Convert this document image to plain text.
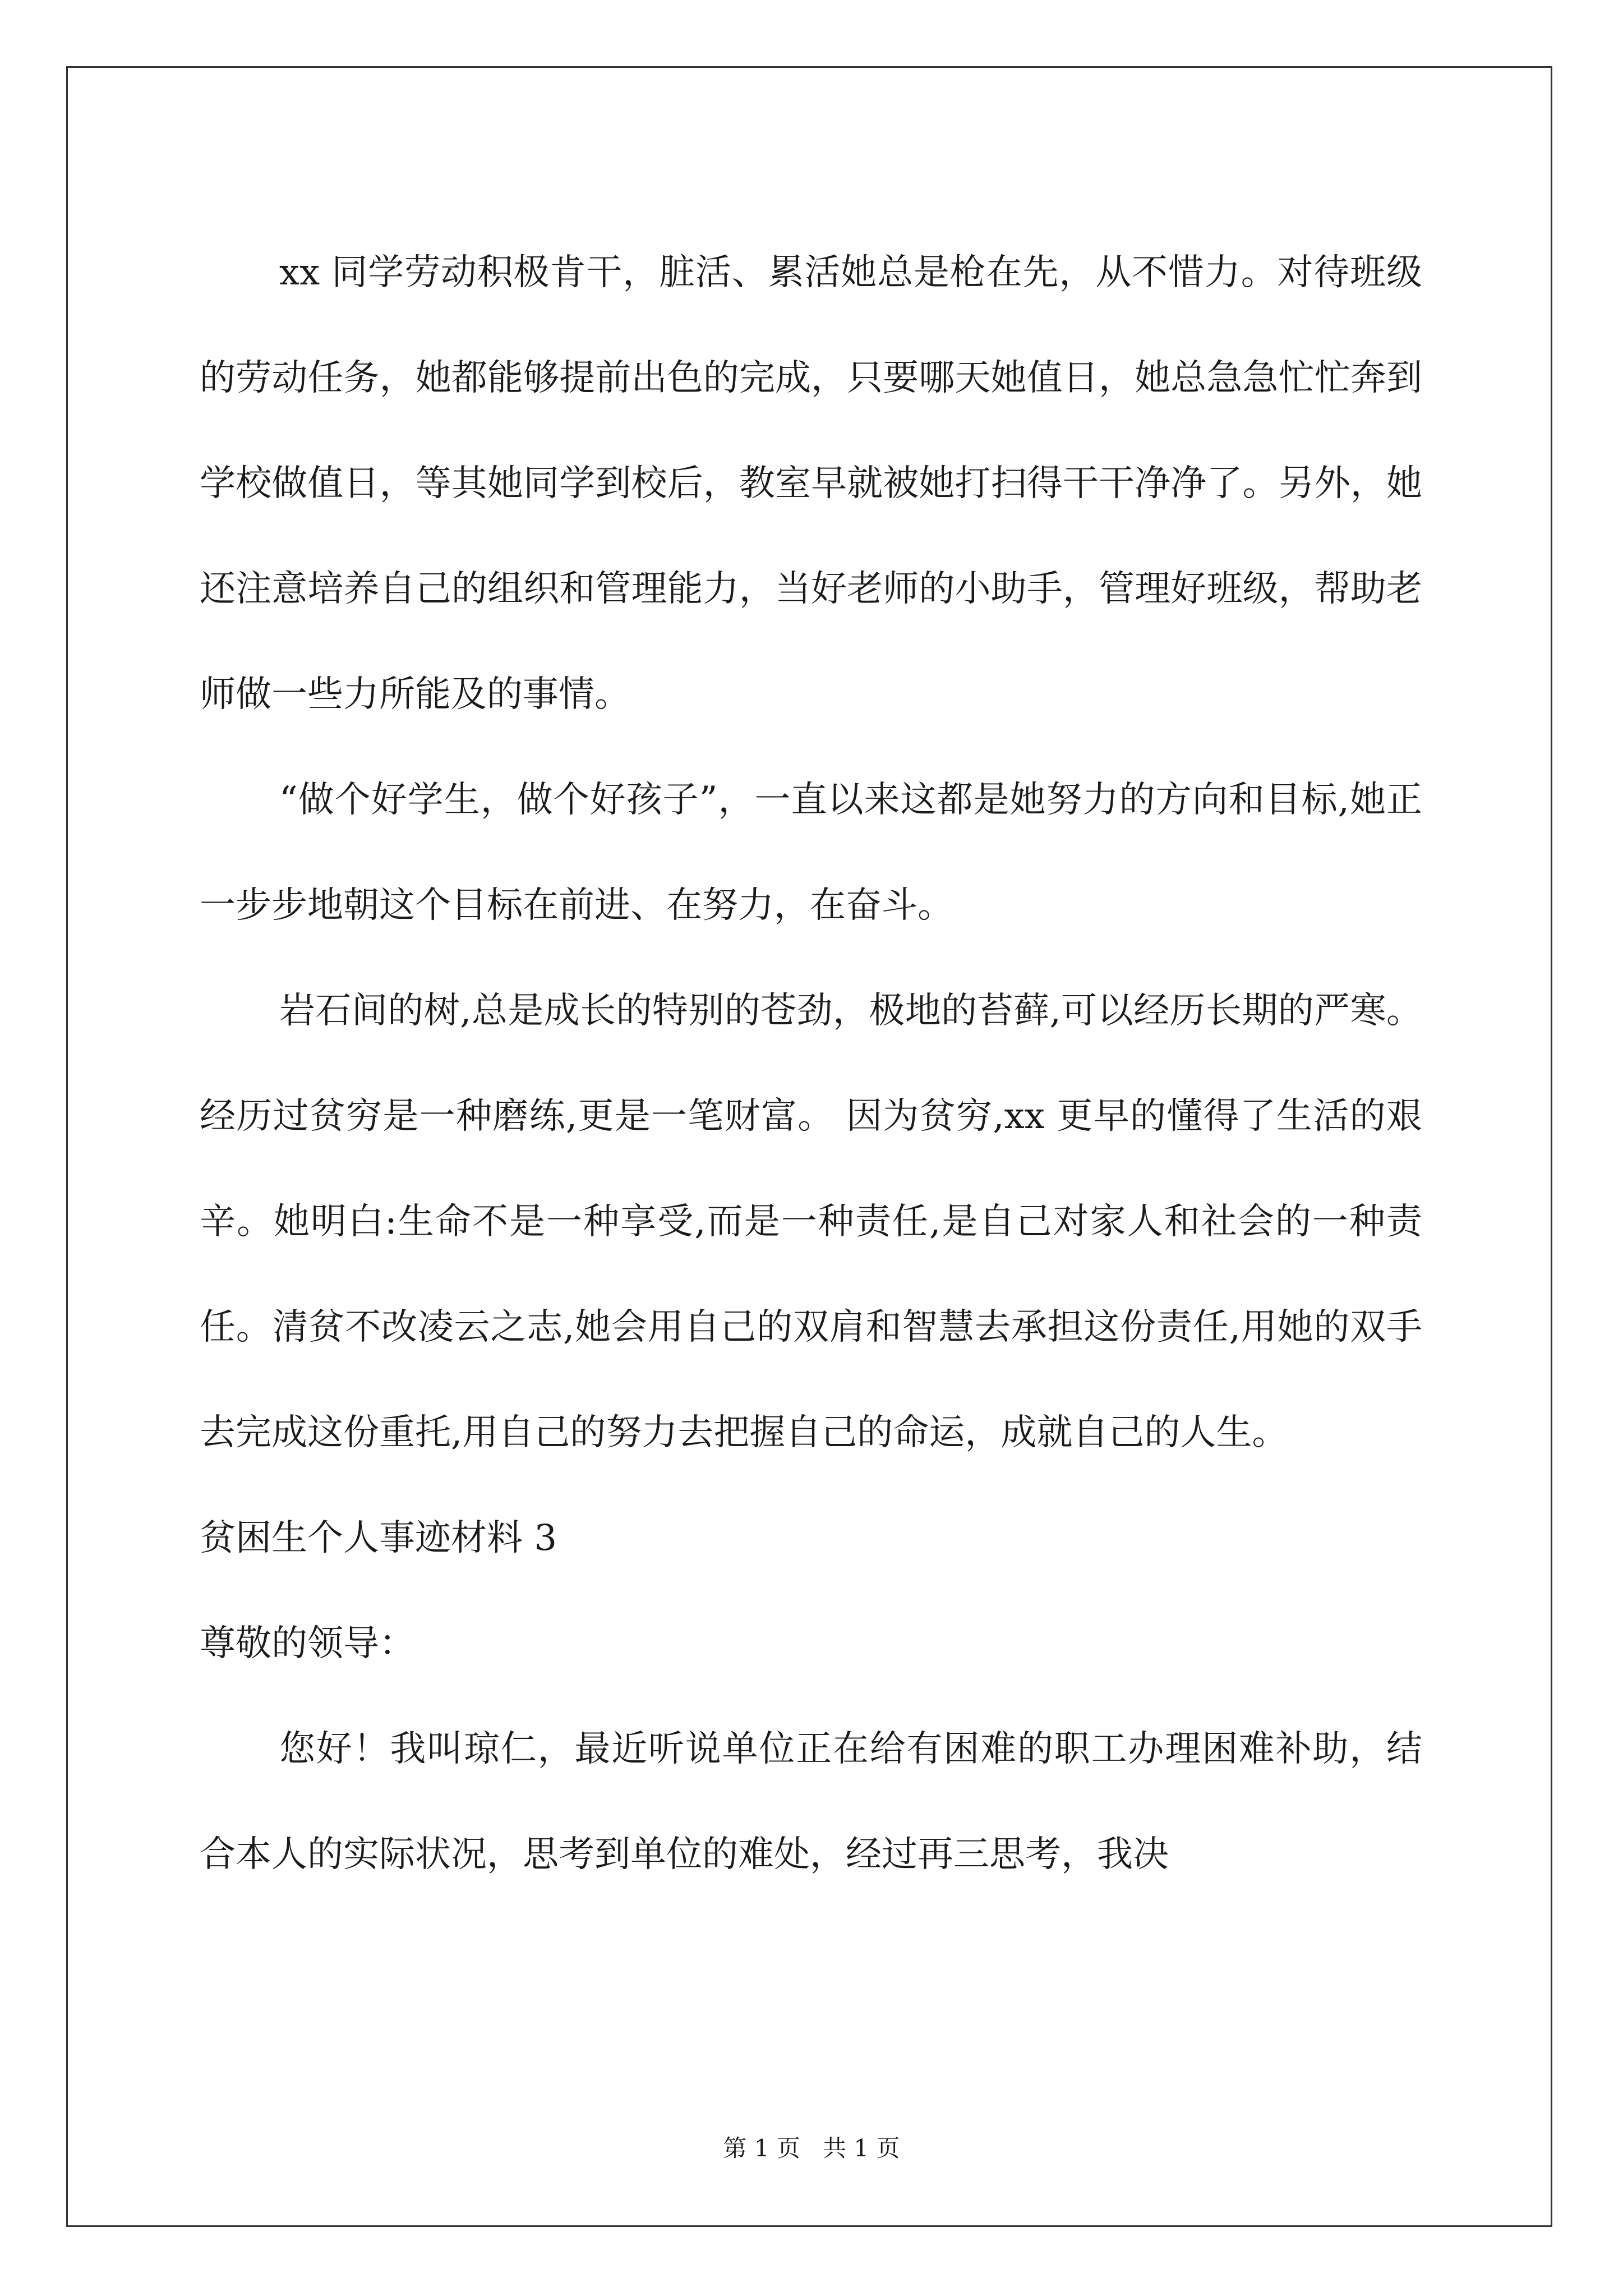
xx 同学劳动积极肯干，脏活、累活她总是枪在先，从不惜力。对待班级的劳动任务，她都能够提前出色的完成，只要哪天她值日，她总急急忙忙奔到学校做值日，等其她同学到校后，教室早就被她打扫得干干净净了。另外，她还注意培养自己的组织和管理能力，当好老师的小助手，管理好班级，帮助老师做一些力所能及的事情。

“做个好学生，做个好孩子”，一直以来这都是她努力的方向和目标,她正一步步地朝这个目标在前进、在努力，在奋斗。

岩石间的树,总是成长的特别的苍劲，极地的苔藓,可以经历长期的严寒。经历过贫穷是一种磨练,更是一笔财富。 因为贫穷,xx 更早的懂得了生活的艰辛。她明白:生命不是一种享受,而是一种责任,是自己对家人和社会的一种责任。清贫不改凌云之志,她会用自己的双肩和智慧去承担这份责任,用她的双手去完成这份重托,用自己的努力去把握自己的命运，成就自己的人生。

贫困生个人事迹材料 3

尊敬的领导：

您好！我叫琼仁，最近听说单位正在给有困难的职工办理困难补助，结合本人的实际状况，思考到单位的难处，经过再三思考，我决

第 1 页   共 1 页
